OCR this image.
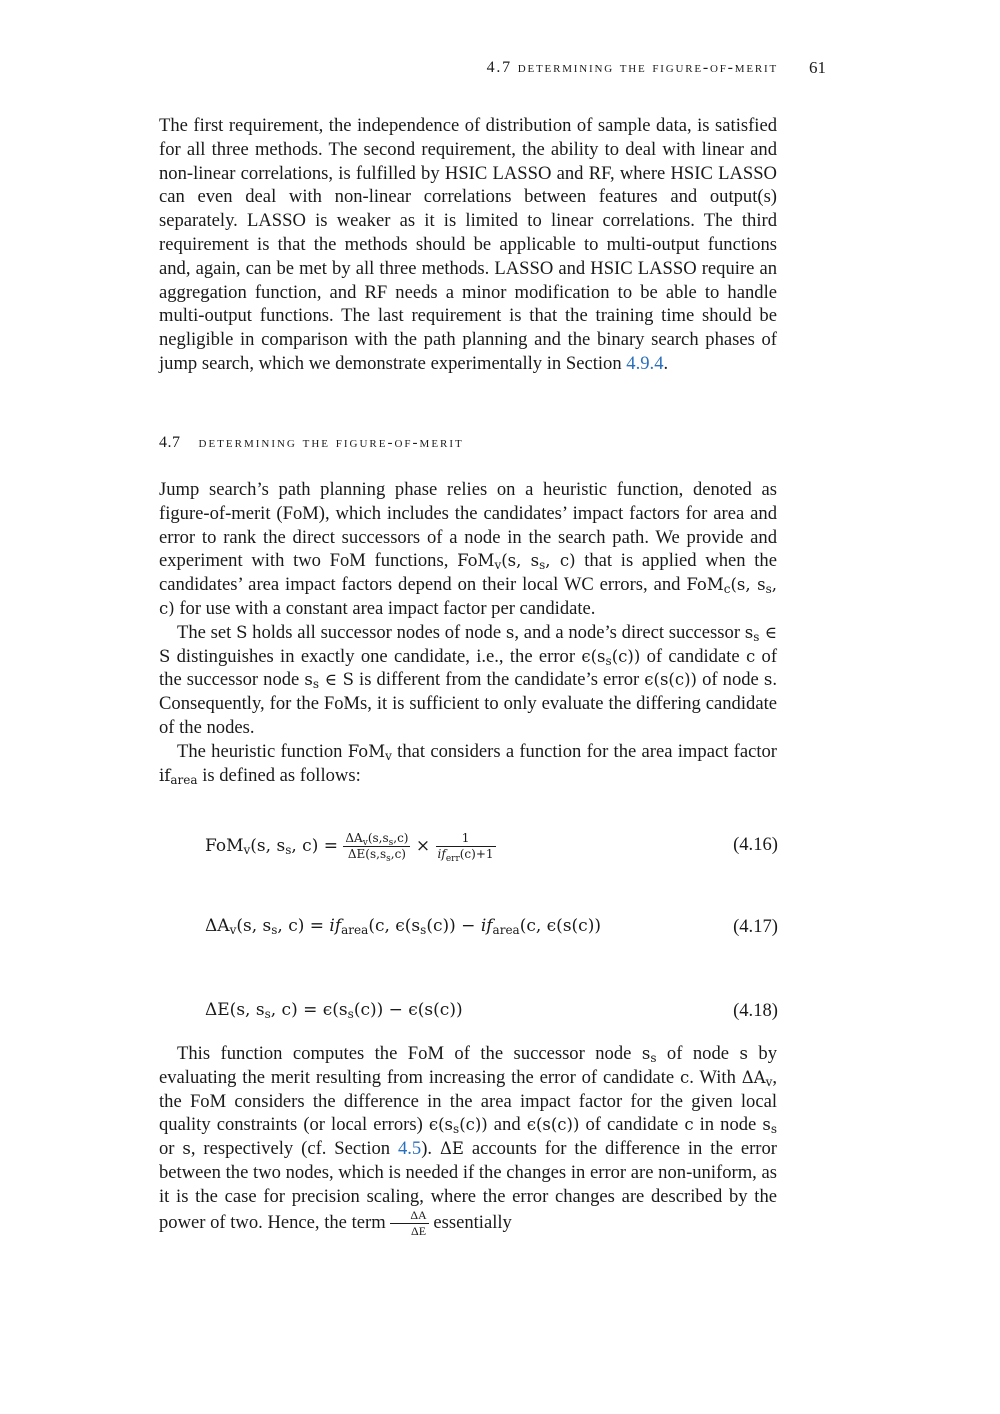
4.7 determining the figure-of-merit 61

The first requirement, the independence of distribution of sample data, is satisfied for all three methods. The second requirement, the ability to deal with linear and non-linear correlations, is fulfilled by HSIC LASSO and RF, where HSIC LASSO can even deal with non-linear correlations between features and output(s) separately. LASSO is weaker as it is limited to linear correlations. The third requirement is that the methods should be applicable to multi-output functions and, again, can be met by all three methods. LASSO and HSIC LASSO require an aggregation function, and RF needs a minor modification to be able to handle multi-output functions. The last requirement is that the training time should be negligible in comparison with the path planning and the binary search phases of jump search, which we demonstrate experimentally in Section 4.9.4.

4.7 determining the figure-of-merit

Jump search’s path planning phase relies on a heuristic function, denoted as figure-of-merit (FoM), which includes the candidates’ impact factors for area and error to rank the direct successors of a node in the search path. We provide and experiment with two FoM functions, FoM$_v$(s, $s_s$, c) that is applied when the candidates’ area impact factors depend on their local WC errors, and FoM$_c$(s, $s_s$, c) for use with a constant area impact factor per candidate.

The set S holds all successor nodes of node s, and a node’s direct successor $s_s$ ∈ S distinguishes in exactly one candidate, i.e., the error $\epsilon(s_s(c))$ of candidate c of the successor node $s_s$ ∈ S is different from the candidate’s error ϵ(s(c)) of node s. Consequently, for the FoMs, it is sufficient to only evaluate the differing candidate of the nodes.

The heuristic function FoM$_v$ that considers a function for the area impact factor $if_{area}$ is defined as follows:

FoM$_v$(s, $s_s$, $c) = \frac{\Delta A_v(s,s_s,c)}{\Delta E(s,s_s,c)} \times \frac{1}{if_{err}(c)+1}$	(4.16)
$\Delta A_v(s$, $s_s$, $c) = if_{area}(c$, $\epsilon(s_s(c)) - if_{area}(c$, ϵ(s(c))	(4.17)
ΔE(s, $s_s$, $c) = \epsilon(s_s(c)) - \epsilon(s(c))$	(4.18)

This function computes the FoM of the successor node $s_s$ of node s by evaluating the merit resulting from increasing the error of candidate c. With $\Delta A_v$, the FoM considers the difference in the area impact factor for the given local quality constraints (or local errors) $\epsilon(s_s(c))$ and ϵ(s(c)) of candidate c in node $s_s$ or s, respectively (cf. Section 4.5). ΔE accounts for the difference in the error between the two nodes, which is needed if the changes in error are non-uniform, as it is the case for precision scaling, where the error changes are described by the power of two. Hence, the term $\frac{\Delta A}{\Delta E}$ essentially
